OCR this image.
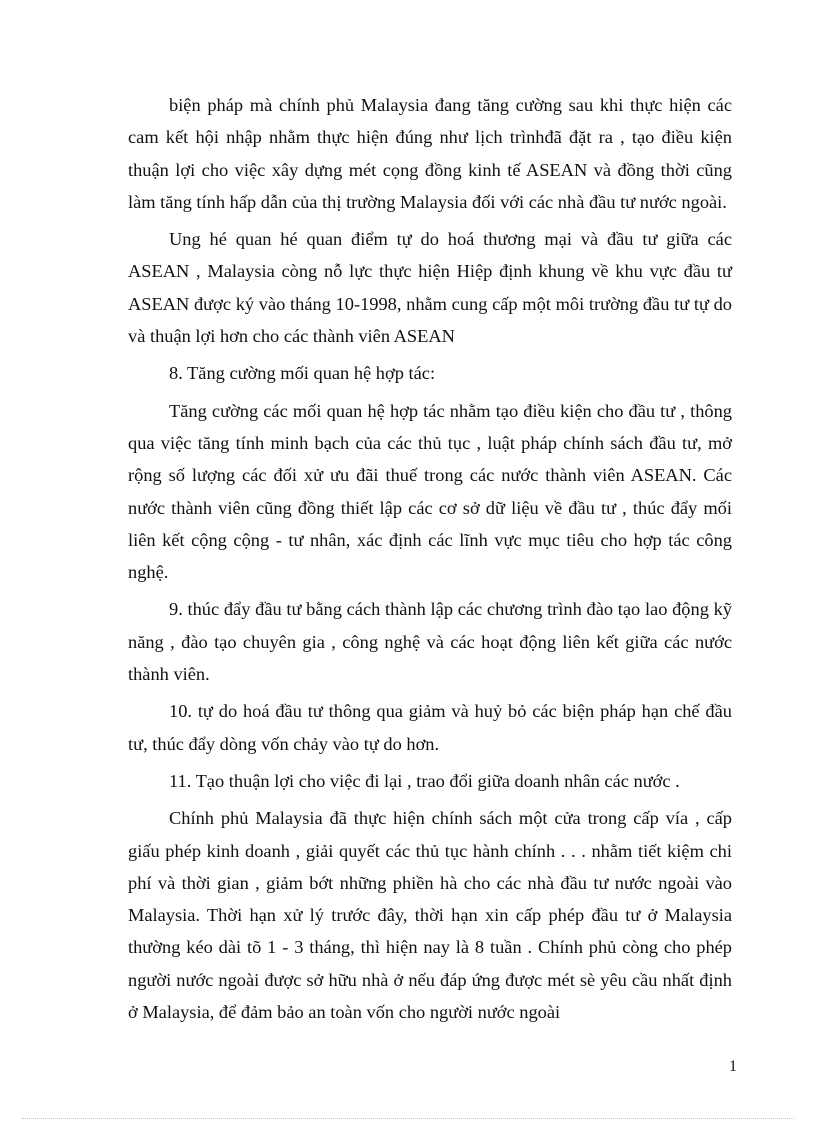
biện pháp mà chính phủ Malaysia đang tăng cường sau khi thực hiện các cam kết hội nhập nhằm thực hiện đúng như lịch trìnhđã đặt ra , tạo điều kiện thuận lợi cho việc xây dựng mét cọng đồng kinh tế ASEAN và đồng thời cũng làm tăng tính hấp dẫn của thị trường Malaysia đối với các nhà đầu tư nước ngoài.

Ung hé quan hé quan điểm tự do hoá thương mại và đầu tư giữa các ASEAN , Malaysia còng nỗ lực thực hiện Hiệp định khung về khu vực đầu tư ASEAN được ký vào tháng 10-1998, nhằm cung cấp một môi trường đầu tư tự do và thuận lợi hơn cho các thành viên ASEAN

8. Tăng cường mối quan hệ hợp tác:

Tăng cường các mối quan hệ hợp tác nhằm tạo điều kiện cho đầu tư , thông qua việc tăng tính minh bạch của các thủ tục , luật pháp chính sách đầu tư, mở rộng số lượng các đối xử ưu đãi thuế trong các nước thành viên ASEAN. Các nước thành viên cũng đồng thiết lập các cơ sở dữ liệu về đầu tư , thúc đẩy mối liên kết cộng cộng - tư nhân, xác định các lĩnh vực mục tiêu cho hợp tác công nghệ.

9. thúc đẩy đầu tư bằng cách thành lập các chương trình đào tạo lao động kỹ năng , đào tạo chuyên gia , công nghệ và các hoạt động liên kết giữa các nước thành viên.

10. tự do hoá đầu tư thông qua giảm và huỷ bỏ các biện pháp hạn chế đầu tư, thúc đẩy dòng vốn chảy vào tự do hơn.

11. Tạo thuận lợi cho việc đi lại , trao đổi giữa doanh nhân các nước .

Chính phủ Malaysia đã thực hiện chính sách một cửa trong cấp vía , cấp giấu phép kinh doanh , giải quyết các thủ tục hành chính . . . nhằm tiết kiệm chi phí và thời gian , giảm bớt những phiền hà cho các nhà đầu tư nước ngoài vào Malaysia. Thời hạn xử lý trước đây, thời hạn xin cấp phép đầu tư ở Malaysia thường kéo dài tõ 1 - 3 tháng, thì hiện nay là 8 tuần . Chính phủ còng cho phép người nước ngoài được sở hữu nhà ở nếu đáp ứng được mét sè yêu cầu nhất định ở Malaysia, để đảm bảo an toàn vốn cho người nước ngoài

1
